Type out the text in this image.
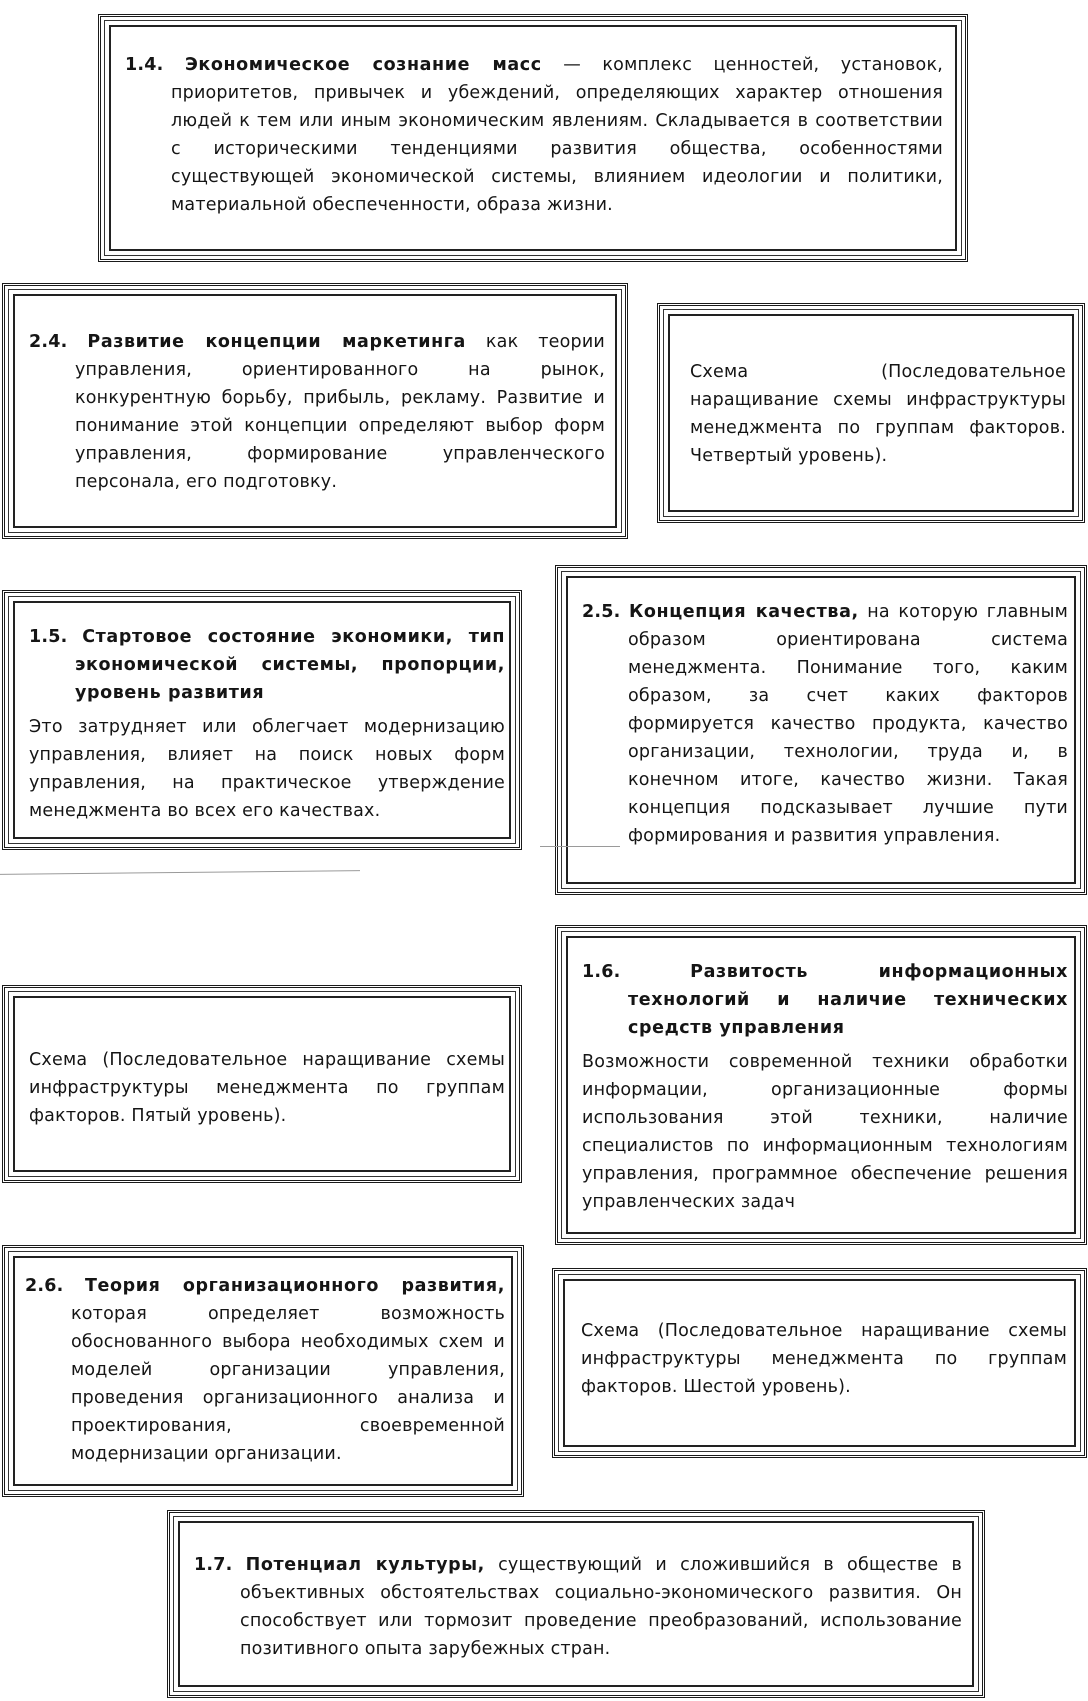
1.4. Экономическое сознание масс — комплекс ценностей, установок, приоритетов, привычек и убеждений, определяющих характер отношения людей к тем или иным экономическим явлениям. Складывается в соответствии с историческими тенденциями развития общества, особенностями существующей экономической системы, влиянием идеологии и политики, материальной обеспеченности, образа жизни.
2.4. Развитие концепции маркетинга как теории управления, ориентированного на рынок, конкурентную борьбу, прибыль, рекламу. Развитие и понимание этой концепции определяют выбор форм управления, формирование управленческого персонала, его подготовку.
Схема (Последовательное наращивание схемы инфраструктуры менеджмента по группам факторов. Четвертый уровень).
1.5. Стартовое состояние экономики, тип экономической системы, пропорции, уровень развития
Это затрудняет или облегчает модернизацию управления, влияет на поиск новых форм управления, на практическое утверждение менеджмента во всех его качествах.
2.5. Концепция качества, на которую главным образом ориентирована система менеджмента. Понимание того, каким образом, за счет каких факторов формируется качество продукта, качество организации, технологии, труда и, в конечном итоге, качество жизни. Такая концепция подсказывает лучшие пути формирования и развития управления.
Схема (Последовательное наращивание схемы инфраструктуры менеджмента по группам факторов. Пятый уровень).
1.6.	Развитость информационных технологий и наличие технических средств управления
Возможности современной техники обработки информации, организационные формы использования этой техники, наличие специалистов по информационным технологиям управления, программное обеспечение решения управленческих задач
2.6. Теория организационного развития, которая определяет возможность обоснованного выбора необходимых схем и моделей организации управления, проведения организационного анализа и проектирования, своевременной модернизации организации.
Схема (Последовательное наращивание схемы инфраструктуры менеджмента по группам факторов. Шестой уровень).
1.7. Потенциал культуры, существующий и сложившийся в обществе в объективных обстоятельствах социально-экономического развития. Он способствует или тормозит проведение преобразований, использование позитивного опыта зарубежных стран.
